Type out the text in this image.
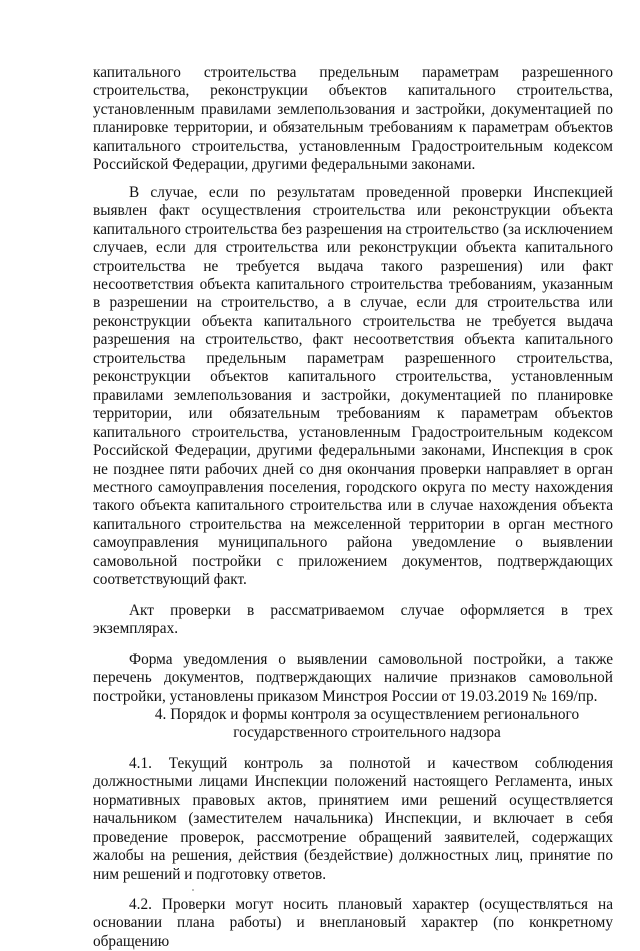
капитального строительства предельным параметрам разрешенного строительства, реконструкции объектов капитального строительства, установленным правилами землепользования и застройки, документацией по планировке территории, и обязательным требованиям к параметрам объектов капитального строительства, установленным Градостроительным кодексом Российской Федерации, другими федеральными законами.

В случае, если по результатам проведенной проверки Инспекцией выявлен факт осуществления строительства или реконструкции объекта капитального строительства без разрешения на строительство (за исключением случаев, если для строительства или реконструкции объекта капитального строительства не требуется выдача такого разрешения) или факт несоответствия объекта капитального строительства требованиям, указанным в разрешении на строительство, а в случае, если для строительства или реконструкции объекта капитального строительства не требуется выдача разрешения на строительство, факт несоответствия объекта капитального строительства предельным параметрам разрешенного строительства, реконструкции объектов капитального строительства, установленным правилами землепользования и застройки, документацией по планировке территории, или обязательным требованиям к параметрам объектов капитального строительства, установленным Градостроительным кодексом Российской Федерации, другими федеральными законами, Инспекция в срок не позднее пяти рабочих дней со дня окончания проверки направляет в орган местного самоуправления поселения, городского округа по месту нахождения такого объекта капитального строительства или в случае нахождения объекта капитального строительства на межселенной территории в орган местного самоуправления муниципального района уведомление о выявлении самовольной постройки с приложением документов, подтверждающих соответствующий факт.

Акт проверки в рассматриваемом случае оформляется в трех экземплярах.

Форма уведомления о выявлении самовольной постройки, а также перечень документов, подтверждающих наличие признаков самовольной постройки, установлены приказом Минстроя России от 19.03.2019 № 169/пр.

4. Порядок и формы контроля за осуществлением регионального государственного строительного надзора

4.1. Текущий контроль за полнотой и качеством соблюдения должностными лицами Инспекции положений настоящего Регламента, иных нормативных правовых актов, принятием ими решений осуществляется начальником (заместителем начальника) Инспекции, и включает в себя проведение проверок, рассмотрение обращений заявителей, содержащих жалобы на решения, действия (бездействие) должностных лиц, принятие по ним решений и подготовку ответов.

4.2. Проверки могут носить плановый характер (осуществляться на основании плана работы) и внеплановый характер (по конкретному обращению
